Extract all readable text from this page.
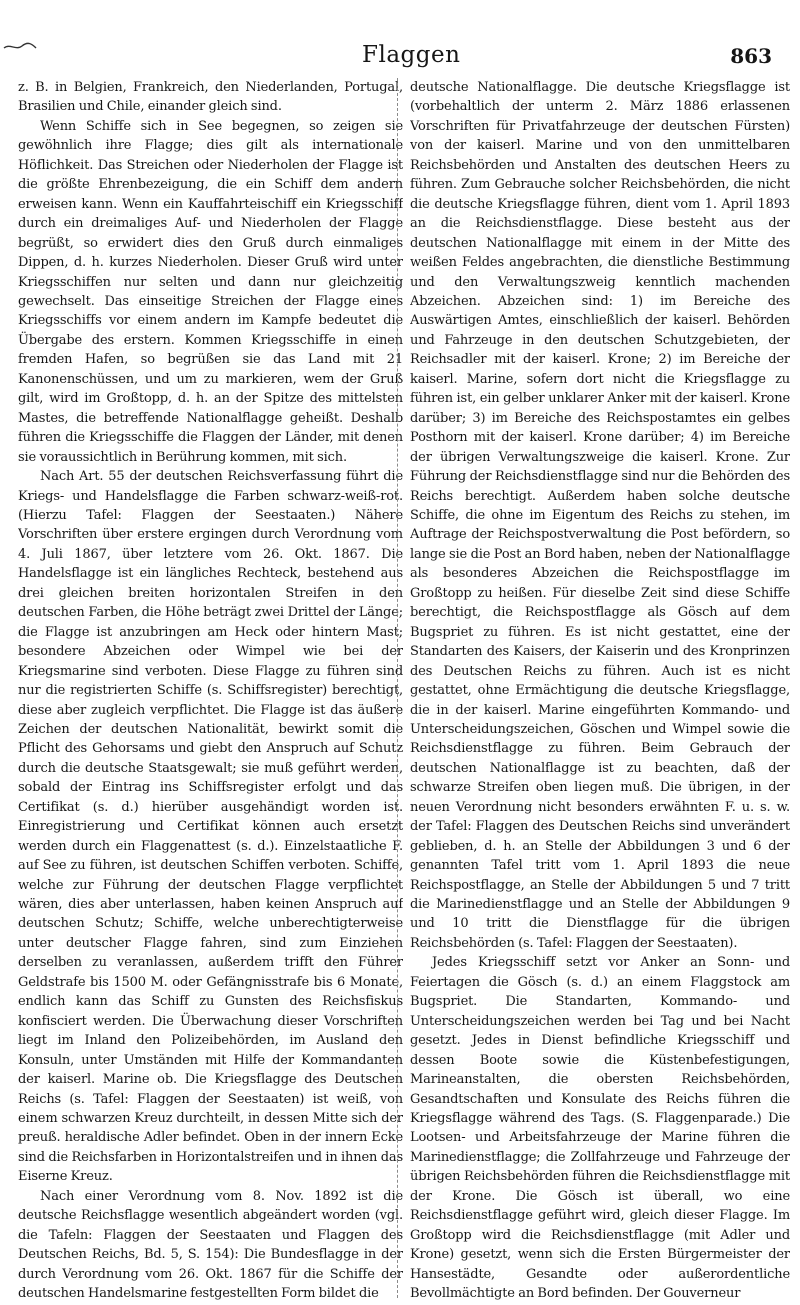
Flaggen	863

z. B. in Belgien, Frankreich, den Niederlanden, Portugal, Brasilien und Chile, einander gleich sind.

Wenn Schiffe sich in See begegnen, so zeigen sie gewöhnlich ihre Flagge; dies gilt als internationale Höflichkeit. Das Streichen oder Niederholen der Flagge ist die größte Ehrenbezeigung, die ein Schiff dem andern erweisen kann. Wenn ein Kauffahrteischiff ein Kriegsschiff durch ein dreimaliges Auf- und Niederholen der Flagge begrüßt, so erwidert dies den Gruß durch einmaliges Dippen, d. h. kurzes Niederholen. Dieser Gruß wird unter Kriegsschiffen nur selten und dann nur gleichzeitig gewechselt. Das einseitige Streichen der Flagge eines Kriegsschiffs vor einem andern im Kampfe bedeutet die Übergabe des erstern. Kommen Kriegsschiffe in einen fremden Hafen, so begrüßen sie das Land mit 21 Kanonenschüssen, und um zu markieren, wem der Gruß gilt, wird im Großtopp, d. h. an der Spitze des mittelsten Mastes, die betreffende Nationalflagge geheißt. Deshalb führen die Kriegsschiffe die Flaggen der Länder, mit denen sie voraussichtlich in Berührung kommen, mit sich.

Nach Art. 55 der deutschen Reichsverfassung führt die Kriegs- und Handelsflagge die Farben schwarz-weiß-rot. (Hierzu Tafel: Flaggen der Seestaaten.) Nähere Vorschriften über erstere ergingen durch Verordnung vom 4. Juli 1867, über letztere vom 26. Okt. 1867. Die Handelsflagge ist ein längliches Rechteck, bestehend aus drei gleichen breiten horizontalen Streifen in den deutschen Farben, die Höhe beträgt zwei Drittel der Länge; die Flagge ist anzubringen am Heck oder hintern Mast; besondere Abzeichen oder Wimpel wie bei der Kriegsmarine sind verboten. Diese Flagge zu führen sind nur die registrierten Schiffe (s. Schiffsregister) berechtigt, diese aber zugleich verpflichtet. Die Flagge ist das äußere Zeichen der deutschen Nationalität, bewirkt somit die Pflicht des Gehorsams und giebt den Anspruch auf Schutz durch die deutsche Staatsgewalt; sie muß geführt werden, sobald der Eintrag ins Schiffsregister erfolgt und das Certifikat (s. d.) hierüber ausgehändigt worden ist. Einregistrierung und Certifikat können auch ersetzt werden durch ein Flaggenattest (s. d.). Einzelstaatliche F. auf See zu führen, ist deutschen Schiffen verboten. Schiffe, welche zur Führung der deutschen Flagge verpflichtet wären, dies aber unterlassen, haben keinen Anspruch auf deutschen Schutz; Schiffe, welche unberechtigterweise unter deutscher Flagge fahren, sind zum Einziehen derselben zu veranlassen, außerdem trifft den Führer Geldstrafe bis 1500 M. oder Gefängnisstrafe bis 6 Monate, endlich kann das Schiff zu Gunsten des Reichsfiskus konfisciert werden. Die Überwachung dieser Vorschriften liegt im Inland den Polizeibehörden, im Ausland den Konsuln, unter Umständen mit Hilfe der Kommandanten der kaiserl. Marine ob. Die Kriegsflagge des Deutschen Reichs (s. Tafel: Flaggen der Seestaaten) ist weiß, von einem schwarzen Kreuz durchteilt, in dessen Mitte sich der preuß. heraldische Adler befindet. Oben in der innern Ecke sind die Reichsfarben in Horizontalstreifen und in ihnen das Eiserne Kreuz.

Nach einer Verordnung vom 8. Nov. 1892 ist die deutsche Reichsflagge wesentlich abgeändert worden (vgl. die Tafeln: Flaggen der Seestaaten und Flaggen des Deutschen Reichs, Bd. 5, S. 154): Die Bundesflagge in der durch Verordnung vom 26. Okt. 1867 für die Schiffe der deutschen Handelsmarine festgestellten Form bildet die

deutsche Nationalflagge. Die deutsche Kriegsflagge ist (vorbehaltlich der unterm 2. März 1886 erlassenen Vorschriften für Privatfahrzeuge der deutschen Fürsten) von der kaiserl. Marine und von den unmittelbaren Reichsbehörden und Anstalten des deutschen Heers zu führen. Zum Gebrauche solcher Reichsbehörden, die nicht die deutsche Kriegsflagge führen, dient vom 1. April 1893 an die Reichsdienstflagge. Diese besteht aus der deutschen Nationalflagge mit einem in der Mitte des weißen Feldes angebrachten, die dienstliche Bestimmung und den Verwaltungszweig kenntlich machenden Abzeichen. Abzeichen sind: 1) im Bereiche des Auswärtigen Amtes, einschließlich der kaiserl. Behörden und Fahrzeuge in den deutschen Schutzgebieten, der Reichsadler mit der kaiserl. Krone; 2) im Bereiche der kaiserl. Marine, sofern dort nicht die Kriegsflagge zu führen ist, ein gelber unklarer Anker mit der kaiserl. Krone darüber; 3) im Bereiche des Reichspostamtes ein gelbes Posthorn mit der kaiserl. Krone darüber; 4) im Bereiche der übrigen Verwaltungszweige die kaiserl. Krone. Zur Führung der Reichsdienstflagge sind nur die Behörden des Reichs berechtigt. Außerdem haben solche deutsche Schiffe, die ohne im Eigentum des Reichs zu stehen, im Auftrage der Reichspostverwaltung die Post befördern, so lange sie die Post an Bord haben, neben der Nationalflagge als besonderes Abzeichen die Reichspostflagge im Großtopp zu heißen. Für dieselbe Zeit sind diese Schiffe berechtigt, die Reichspostflagge als Gösch auf dem Bugspriet zu führen. Es ist nicht gestattet, eine der Standarten des Kaisers, der Kaiserin und des Kronprinzen des Deutschen Reichs zu führen. Auch ist es nicht gestattet, ohne Ermächtigung die deutsche Kriegsflagge, die in der kaiserl. Marine eingeführten Kommando- und Unterscheidungszeichen, Göschen und Wimpel sowie die Reichsdienstflagge zu führen. Beim Gebrauch der deutschen Nationalflagge ist zu beachten, daß der schwarze Streifen oben liegen muß. Die übrigen, in der neuen Verordnung nicht besonders erwähnten F. u. s. w. der Tafel: Flaggen des Deutschen Reichs sind unverändert geblieben, d. h. an Stelle der Abbildungen 3 und 6 der genannten Tafel tritt vom 1. April 1893 die neue Reichspostflagge, an Stelle der Abbildungen 5 und 7 tritt die Marinedienstflagge und an Stelle der Abbildungen 9 und 10 tritt die Dienstflagge für die übrigen Reichsbehörden (s. Tafel: Flaggen der Seestaaten).

Jedes Kriegsschiff setzt vor Anker an Sonn- und Feiertagen die Gösch (s. d.) an einem Flaggstock am Bugspriet. Die Standarten, Kommando- und Unterscheidungszeichen werden bei Tag und bei Nacht gesetzt. Jedes in Dienst befindliche Kriegsschiff und dessen Boote sowie die Küstenbefestigungen, Marineanstalten, die obersten Reichsbehörden, Gesandtschaften und Konsulate des Reichs führen die Kriegsflagge während des Tags. (S. Flaggenparade.) Die Lootsen- und Arbeitsfahrzeuge der Marine führen die Marinedienstflagge; die Zollfahrzeuge und Fahrzeuge der übrigen Reichsbehörden führen die Reichsdienstflagge mit der Krone. Die Gösch ist überall, wo eine Reichsdienstflagge geführt wird, gleich dieser Flagge. Im Großtopp wird die Reichsdienstflagge (mit Adler und Krone) gesetzt, wenn sich die Ersten Bürgermeister der Hansestädte, Gesandte oder außerordentliche Bevollmächtigte an Bord befinden. Der Gouverneur
